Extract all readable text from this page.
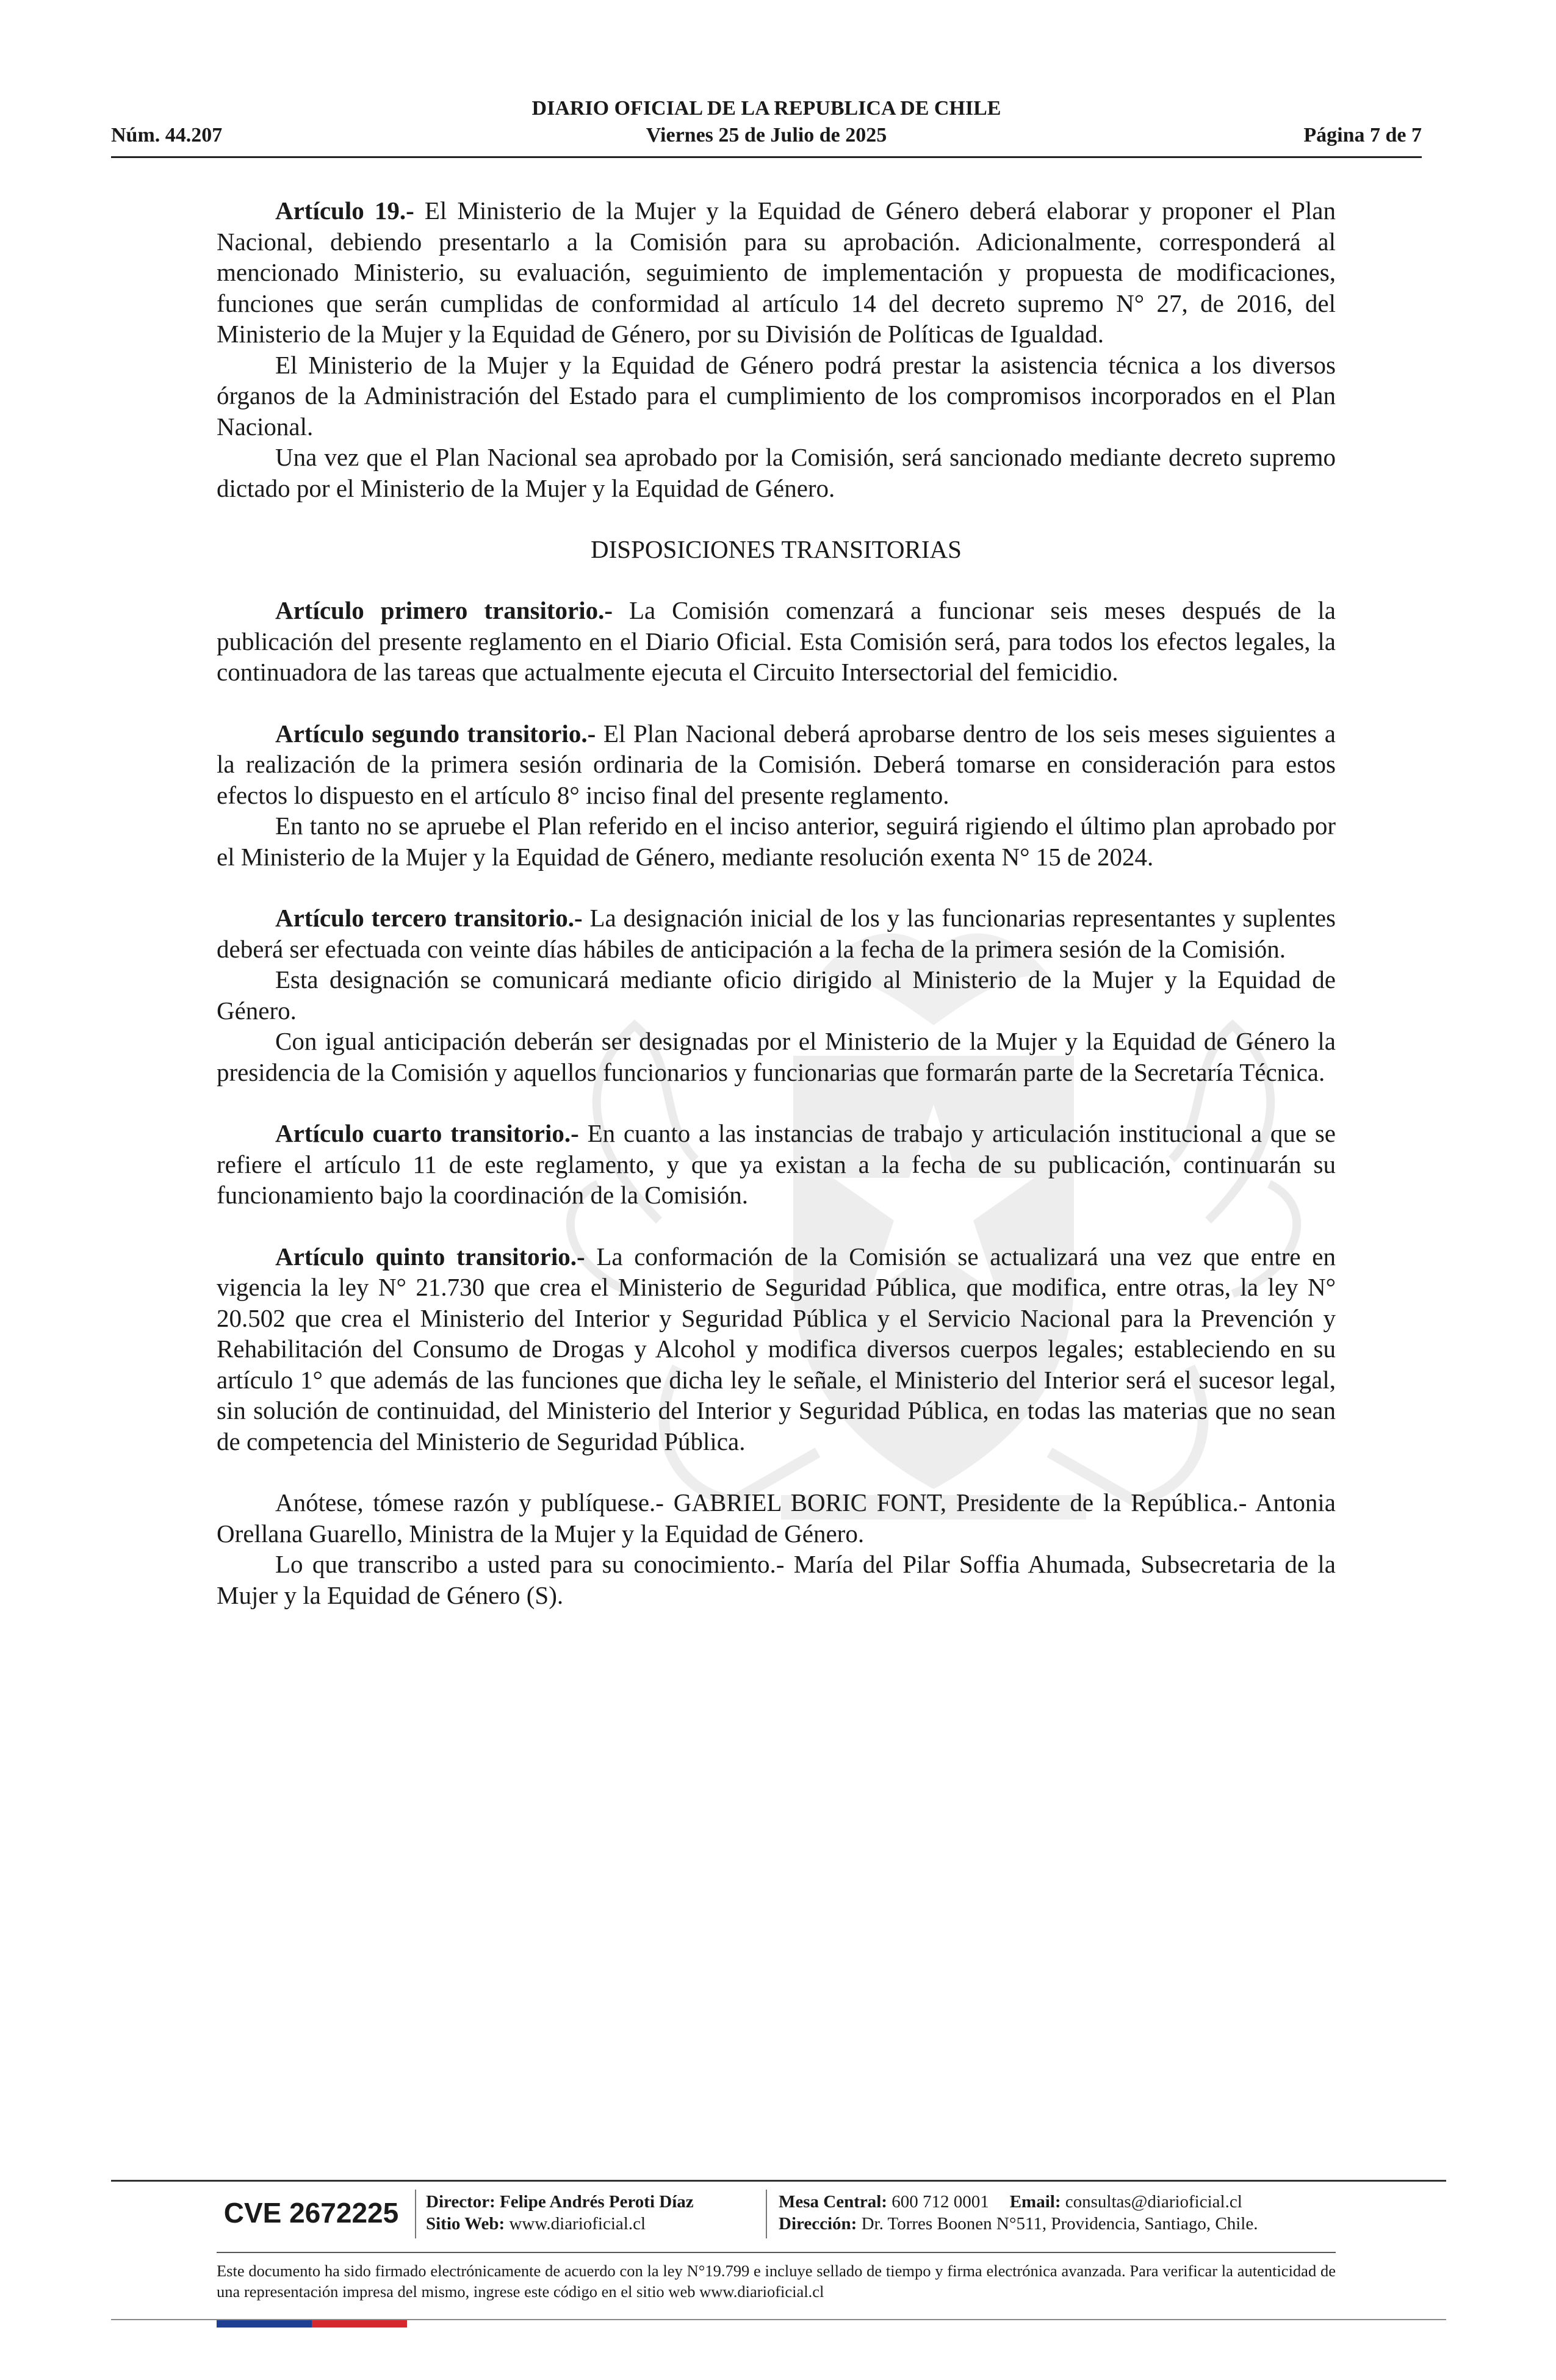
DIARIO OFICIAL DE LA REPUBLICA DE CHILE
Viernes 25 de Julio de 2025
Núm. 44.207	Página 7 de 7

Artículo 19.- El Ministerio de la Mujer y la Equidad de Género deberá elaborar y proponer el Plan Nacional, debiendo presentarlo a la Comisión para su aprobación. Adicionalmente, corresponderá al mencionado Ministerio, su evaluación, seguimiento de implementación y propuesta de modificaciones, funciones que serán cumplidas de conformidad al artículo 14 del decreto supremo N° 27, de 2016, del Ministerio de la Mujer y la Equidad de Género, por su División de Políticas de Igualdad.

El Ministerio de la Mujer y la Equidad de Género podrá prestar la asistencia técnica a los diversos órganos de la Administración del Estado para el cumplimiento de los compromisos incorporados en el Plan Nacional.

Una vez que el Plan Nacional sea aprobado por la Comisión, será sancionado mediante decreto supremo dictado por el Ministerio de la Mujer y la Equidad de Género.

DISPOSICIONES TRANSITORIAS

Artículo primero transitorio.- La Comisión comenzará a funcionar seis meses después de la publicación del presente reglamento en el Diario Oficial. Esta Comisión será, para todos los efectos legales, la continuadora de las tareas que actualmente ejecuta el Circuito Intersectorial del femicidio.

Artículo segundo transitorio.- El Plan Nacional deberá aprobarse dentro de los seis meses siguientes a la realización de la primera sesión ordinaria de la Comisión. Deberá tomarse en consideración para estos efectos lo dispuesto en el artículo 8° inciso final del presente reglamento.

En tanto no se apruebe el Plan referido en el inciso anterior, seguirá rigiendo el último plan aprobado por el Ministerio de la Mujer y la Equidad de Género, mediante resolución exenta N° 15 de 2024.

Artículo tercero transitorio.- La designación inicial de los y las funcionarias representantes y suplentes deberá ser efectuada con veinte días hábiles de anticipación a la fecha de la primera sesión de la Comisión.

Esta designación se comunicará mediante oficio dirigido al Ministerio de la Mujer y la Equidad de Género.

Con igual anticipación deberán ser designadas por el Ministerio de la Mujer y la Equidad de Género la presidencia de la Comisión y aquellos funcionarios y funcionarias que formarán parte de la Secretaría Técnica.

Artículo cuarto transitorio.- En cuanto a las instancias de trabajo y articulación institucional a que se refiere el artículo 11 de este reglamento, y que ya existan a la fecha de su publicación, continuarán su funcionamiento bajo la coordinación de la Comisión.

Artículo quinto transitorio.- La conformación de la Comisión se actualizará una vez que entre en vigencia la ley N° 21.730 que crea el Ministerio de Seguridad Pública, que modifica, entre otras, la ley N° 20.502 que crea el Ministerio del Interior y Seguridad Pública y el Servicio Nacional para la Prevención y Rehabilitación del Consumo de Drogas y Alcohol y modifica diversos cuerpos legales; estableciendo en su artículo 1° que además de las funciones que dicha ley le señale, el Ministerio del Interior será el sucesor legal, sin solución de continuidad, del Ministerio del Interior y Seguridad Pública, en todas las materias que no sean de competencia del Ministerio de Seguridad Pública.

Anótese, tómese razón y publíquese.- GABRIEL BORIC FONT, Presidente de la República.- Antonia Orellana Guarello, Ministra de la Mujer y la Equidad de Género.

Lo que transcribo a usted para su conocimiento.- María del Pilar Soffia Ahumada, Subsecretaria de la Mujer y la Equidad de Género (S).

CVE 2672225	Director: Felipe Andrés Peroti Díaz
Sitio Web: www.diarioficial.cl
Mesa Central: 600 712 0001 Email: consultas@diarioficial.cl
Dirección: Dr. Torres Boonen N°511, Providencia, Santiago, Chile.

Este documento ha sido firmado electrónicamente de acuerdo con la ley N°19.799 e incluye sellado de tiempo y firma electrónica avanzada. Para verificar la autenticidad de una representación impresa del mismo, ingrese este código en el sitio web www.diarioficial.cl
